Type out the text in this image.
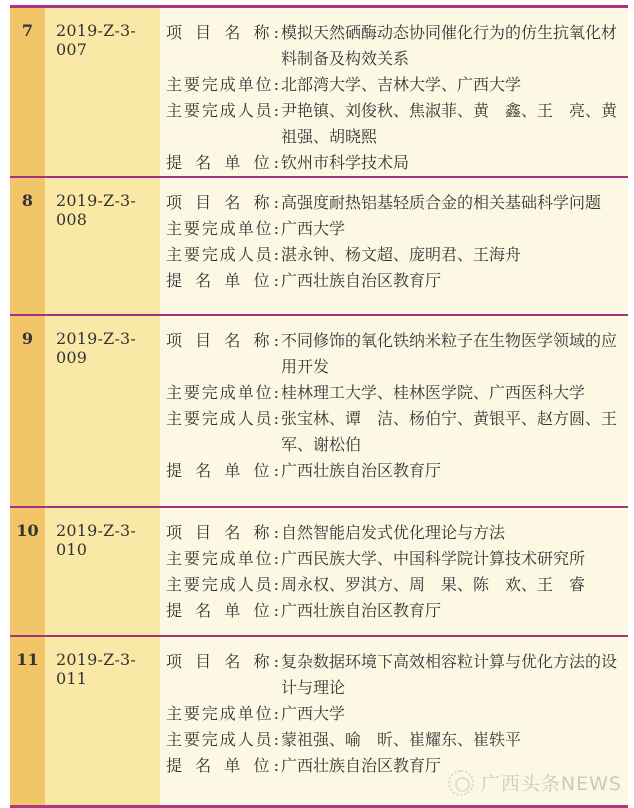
7	2019-Z-3-007
项 目 名 称: 模拟天然硒酶动态协同催化行为的仿生抗氧化材料制备及构效关系
主要完成单位: 北部湾大学、吉林大学、广西大学
主要完成人员: 尹艳镇、刘俊秋、焦淑菲、黄　鑫、王　亮、黄祖强、胡晓熙
提 名 单 位: 钦州市科学技术局
8	2019-Z-3-008
项 目 名 称: 高强度耐热铝基轻质合金的相关基础科学问题
主要完成单位: 广西大学
主要完成人员: 湛永钟、杨文超、庞明君、王海舟
提 名 单 位: 广西壮族自治区教育厅
9	2019-Z-3-009
项 目 名 称: 不同修饰的氧化铁纳米粒子在生物医学领域的应用开发
主要完成单位: 桂林理工大学、桂林医学院、广西医科大学
主要完成人员: 张宝林、谭　洁、杨伯宁、黄银平、赵方圆、王　军、谢松伯
提 名 单 位: 广西壮族自治区教育厅
10	2019-Z-3-010
项 目 名 称: 自然智能启发式优化理论与方法
主要完成单位: 广西民族大学、中国科学院计算技术研究所
主要完成人员: 周永权、罗淇方、周　果、陈　欢、王　睿
提 名 单 位: 广西壮族自治区教育厅
11	2019-Z-3-011
项 目 名 称: 复杂数据环境下高效相容粒计算与优化方法的设计与理论
主要完成单位: 广西大学
主要完成人员: 蒙祖强、喻　昕、崔耀东、崔轶平
提 名 单 位: 广西壮族自治区教育厅
广西头条NEWS
